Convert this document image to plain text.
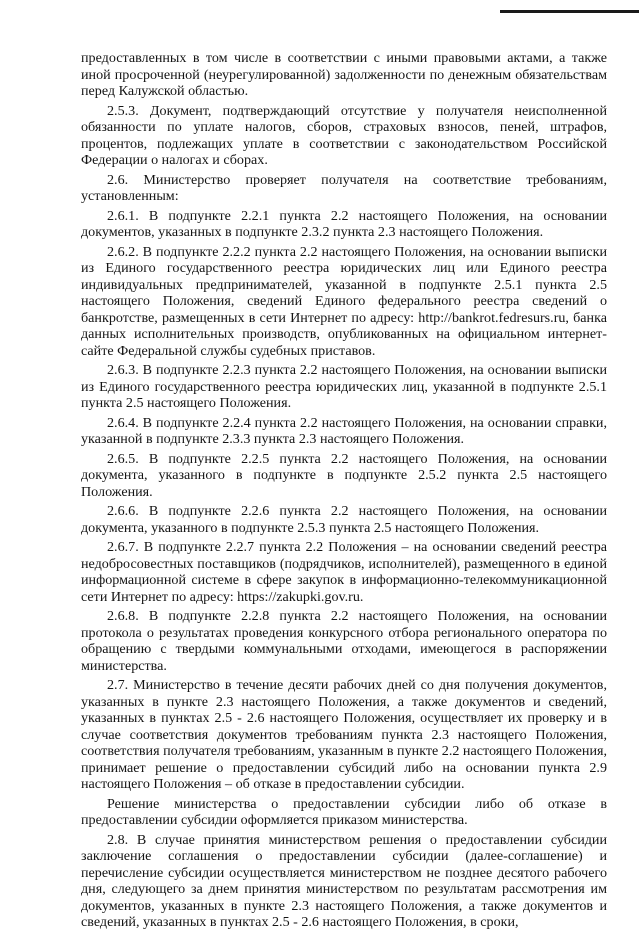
предоставленных в том числе в соответствии с иными правовыми актами, а также иной просроченной (неурегулированной) задолженности по денежным обязательствам перед Калужской областью.

2.5.3. Документ, подтверждающий отсутствие у получателя неисполненной обязанности по уплате налогов, сборов, страховых взносов, пеней, штрафов, процентов, подлежащих уплате в соответствии с законодательством Российской Федерации о налогах и сборах.

2.6. Министерство проверяет получателя на соответствие требованиям, установленным:

2.6.1. В подпункте 2.2.1 пункта 2.2 настоящего Положения, на основании документов, указанных в подпункте 2.3.2 пункта 2.3 настоящего Положения.

2.6.2. В подпункте 2.2.2 пункта 2.2 настоящего Положения, на основании выписки из Единого государственного реестра юридических лиц или Единого реестра индивидуальных предпринимателей, указанной в подпункте 2.5.1 пункта 2.5 настоящего Положения, сведений Единого федерального реестра сведений о банкротстве, размещенных в сети Интернет по адресу: http://bankrot.fedresurs.ru, банка данных исполнительных производств, опубликованных на официальном интернет-сайте Федеральной службы судебных приставов.

2.6.3. В подпункте 2.2.3 пункта 2.2 настоящего Положения, на основании выписки из Единого государственного реестра юридических лиц, указанной в подпункте 2.5.1 пункта 2.5 настоящего Положения.

2.6.4. В подпункте 2.2.4 пункта 2.2 настоящего Положения, на основании справки, указанной в подпункте 2.3.3 пункта 2.3 настоящего Положения.

2.6.5. В подпункте 2.2.5 пункта 2.2 настоящего Положения, на основании документа, указанного в подпункте в подпункте 2.5.2 пункта 2.5 настоящего Положения.

2.6.6. В подпункте 2.2.6 пункта 2.2 настоящего Положения, на основании документа, указанного в подпункте 2.5.3 пункта 2.5 настоящего Положения.

2.6.7. В подпункте 2.2.7 пункта 2.2 Положения – на основании сведений реестра недобросовестных поставщиков (подрядчиков, исполнителей), размещенного в единой информационной системе в сфере закупок в информационно-телекоммуникационной сети Интернет по адресу: https://zakupki.gov.ru.

2.6.8. В подпункте 2.2.8 пункта 2.2 настоящего Положения, на основании протокола о результатах проведения конкурсного отбора регионального оператора по обращению с твердыми коммунальными отходами, имеющегося в распоряжении министерства.

2.7. Министерство в течение десяти рабочих дней со дня получения документов, указанных в пункте 2.3 настоящего Положения, а также документов и сведений, указанных в пунктах 2.5 - 2.6 настоящего Положения, осуществляет их проверку и в случае соответствия документов требованиям пункта 2.3 настоящего Положения, соответствия получателя требованиям, указанным в пункте 2.2 настоящего Положения, принимает решение о предоставлении субсидий либо на основании пункта 2.9 настоящего Положения – об отказе в предоставлении субсидии.

Решение министерства о предоставлении субсидии либо об отказе в предоставлении субсидии оформляется приказом министерства.

2.8. В случае принятия министерством решения о предоставлении субсидии заключение соглашения о предоставлении субсидии (далее-соглашение) и перечисление субсидии осуществляется министерством не позднее десятого рабочего дня, следующего за днем принятия министерством по результатам рассмотрения им документов, указанных в пункте 2.3 настоящего Положения, а также документов и сведений, указанных в пунктах 2.5 - 2.6 настоящего Положения, в сроки,
